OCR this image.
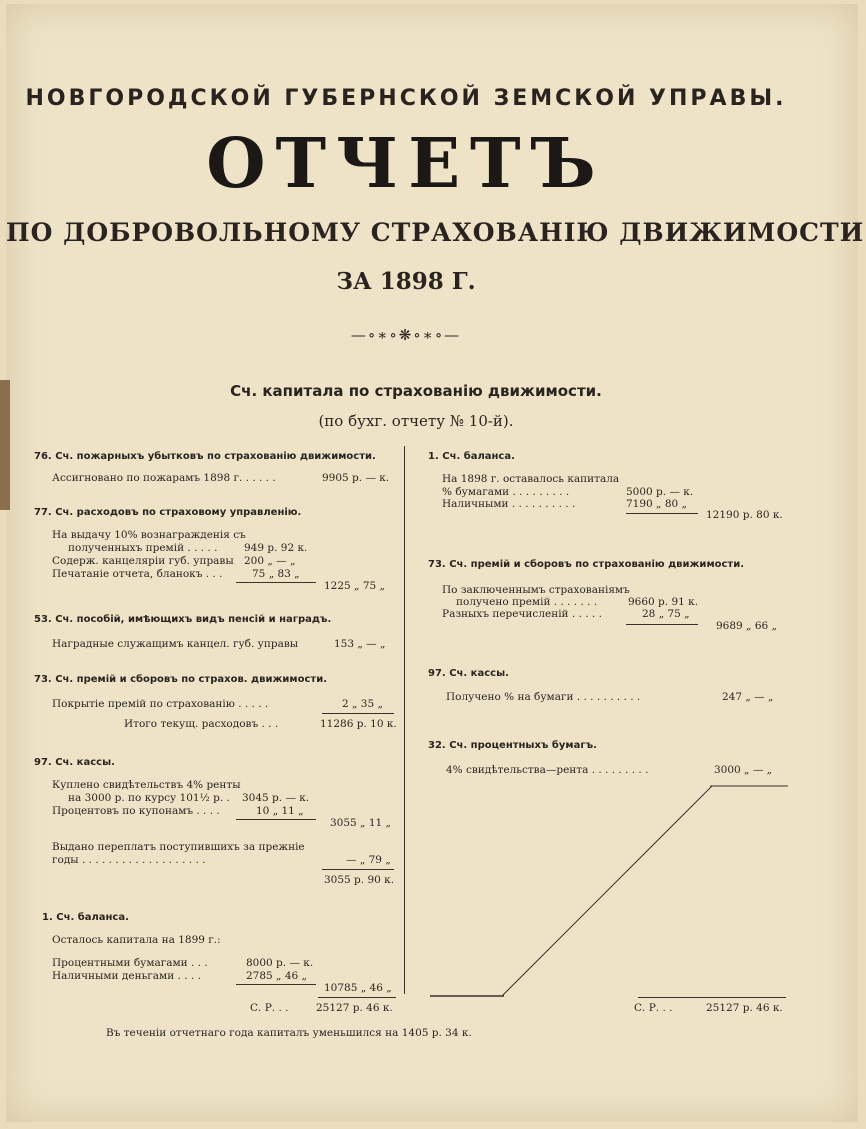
НОВГОРОДСКОЙ ГУБЕРНСКОЙ ЗЕМСКОЙ УПРАВЫ.
ОТЧЕТЪ
ПО ДОБРОВОЛЬНОМУ СТРАХОВАНІЮ ДВИЖИМОСТИ
ЗА 1898 Г.
—∘∗∘❋∘∗∘—
Сч. капитала по страхованію движимости.
(по бухг. отчету № 10-й).
76. Сч. пожарныхъ убытковъ по страхованію движимости.
Ассигновано по пожарамъ 1898 г. . . . . .	9905 р. — к.
77. Сч. расходовъ по страховому управленію.
На выдачу 10% вознагражденія съ
полученныхъ премій . . . . .	949 р. 92 к.
Содерж. канцеляріи губ. управы 200 „ — „
Печатаніе отчета, бланокъ . . .	75 „ 83 „
1225 „ 75 „
53. Сч. пособій, имѣющихъ видъ пенсій и наградъ.
Наградные служащимъ канцел. губ. управы	153 „ — „
73. Сч. премій и сборовъ по страхов. движимости.
Покрытіе премій по страхованію . . . . .	2 „ 35 „
Итого текущ. расходовъ . . .	11286 р. 10 к.
97. Сч. кассы.
Куплено свидѣтельствъ 4% ренты
на 3000 р. по курсу 101½ р. . 3045 р. — к.
Процентовъ по купонамъ . . . .	10 „ 11 „
3055 „ 11 „
Выдано переплатъ поступившихъ за прежніе
годы . . . . . . . . . . . . . . . . . . .	— „ 79 „
3055 р. 90 к.
1. Сч. баланса.
Осталось капитала на 1899 г.:
Процентными бумагами . . .	8000 р. — к.
Наличными деньгами . . . .	2785 „ 46 „
10785 „ 46 „
С. Р. . .	25127 р. 46 к.
1. Сч. баланса.
На 1898 г. оставалось капитала
% бумагами . . . . . . . . .	5000 р. — к.
Наличными . . . . . . . . . .	7190 „ 80 „
12190 р. 80 к.
73. Сч. премій и сборовъ по страхованію движимости.
По заключеннымъ страхованіямъ
получено премій . . . . . . .	9660 р. 91 к.
Разныхъ перечисленій . . . . .	28 „ 75 „
9689 „ 66 „
97. Сч. кассы.
Получено % на бумаги . . . . . . . . . .	247 „ — „
32. Сч. процентныхъ бумагъ.
4% свидѣтельства—рента . . . . . . . . .	3000 „ — „
С. Р. . .	25127 р. 46 к.
Въ теченіи отчетнаго года капиталъ уменьшился на 1405 р. 34 к.
